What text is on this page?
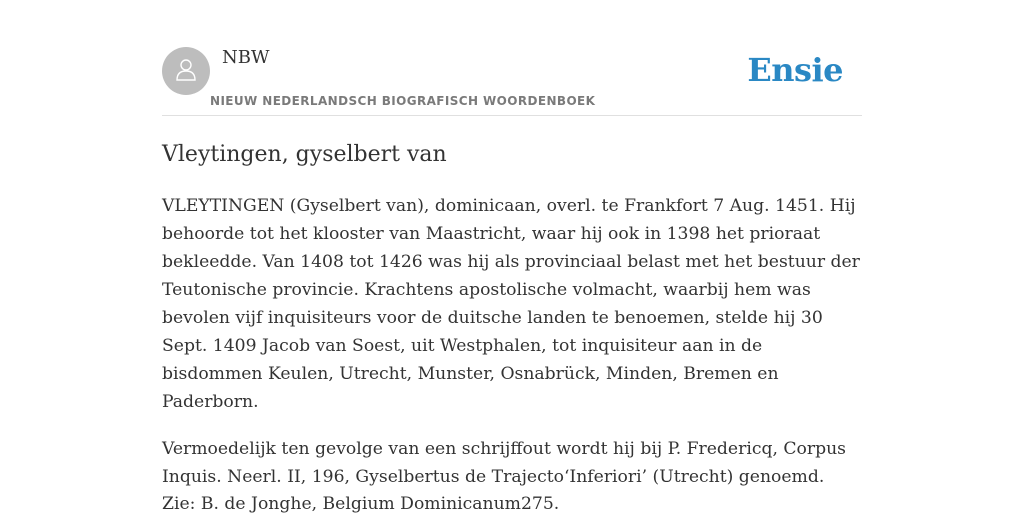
NBW
NIEUW NEDERLANDSCH BIOGRAFISCH WOORDENBOEK
Ensie
Vleytingen, gyselbert van

VLEYTINGEN (Gyselbert van), dominicaan, overl. te Frankfort 7 Aug. 1451. Hij behoorde tot het klooster van Maastricht, waar hij ook in 1398 het prioraat bekleedde. Van 1408 tot 1426 was hij als provinciaal belast met het bestuur der Teutonische provincie. Krachtens apostolische volmacht, waarbij hem was bevolen vijf inquisiteurs voor de duitsche landen te benoemen, stelde hij 30 Sept. 1409 Jacob van Soest, uit Westphalen, tot inquisiteur aan in de bisdommen Keulen, Utrecht, Munster, Osnabrück, Minden, Bremen en Paderborn.

Vermoedelijk ten gevolge van een schrijffout wordt hij bij P. Fredericq, Corpus Inquis. Neerl. II, 196, Gyselbertus de Trajecto‘Inferiori’ (Utrecht) genoemd.

Zie: B. de Jonghe, Belgium Dominicanum275.
